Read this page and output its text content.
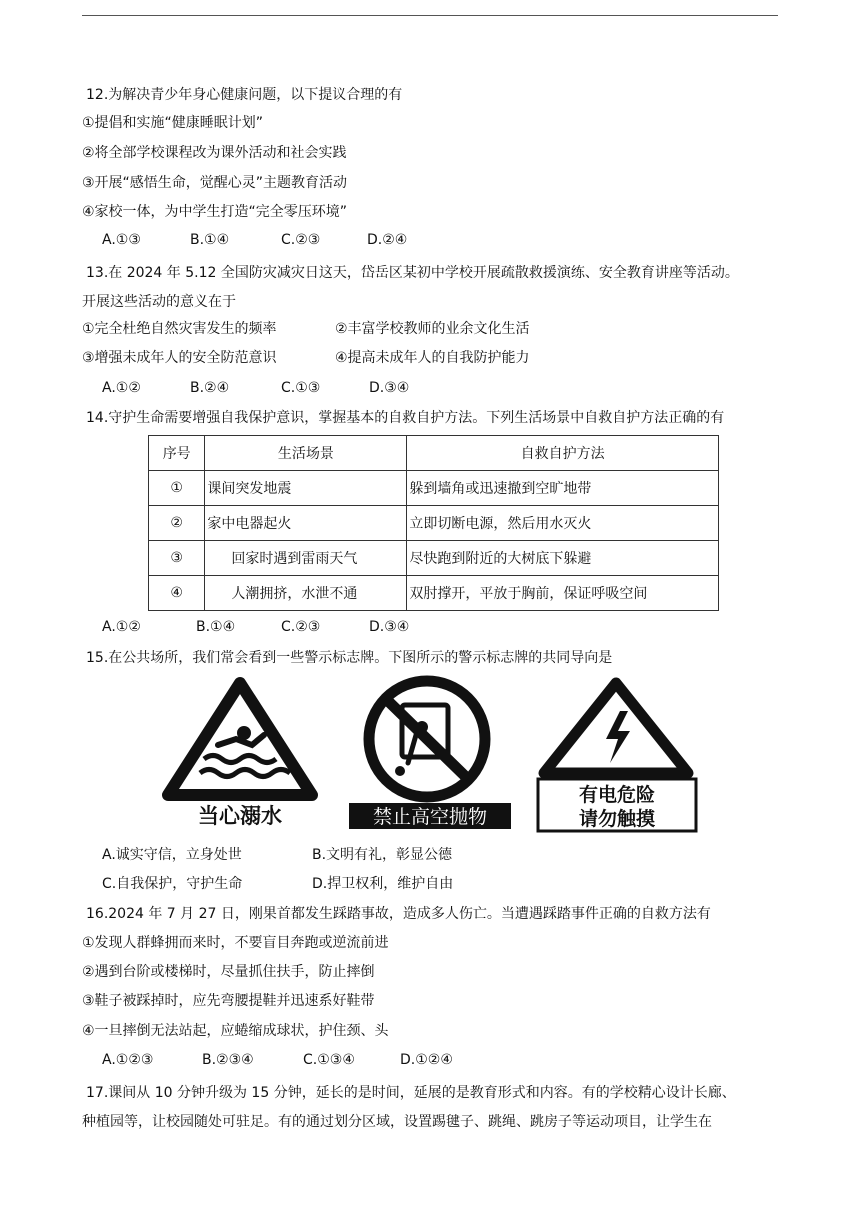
12.为解决青少年身心健康问题，以下提议合理的有
①提倡和实施“健康睡眠计划”
②将全部学校课程改为课外活动和社会实践
③开展“感悟生命，觉醒心灵”主题教育活动
④家校一体，为中学生打造“完全零压环境”
A.①③	B.①④	C.②③	D.②④
13.在 2024 年 5.12 全国防灾减灾日这天，岱岳区某初中学校开展疏散救援演练、安全教育讲座等活动。
开展这些活动的意义在于
①完全杜绝自然灾害发生的频率	②丰富学校教师的业余文化生活
③增强未成年人的安全防范意识	④提高未成年人的自我防护能力
A.①②	B.②④	C.①③	D.③④
14.守护生命需要增强自我保护意识，掌握基本的自救自护方法。下列生活场景中自救自护方法正确的有
序号	生活场景	自救自护方法
①	课间突发地震	躲到墙角或迅速撤到空旷地带
②	家中电器起火	立即切断电源，然后用水灭火
③	回家时遇到雷雨天气	尽快跑到附近的大树底下躲避
④	人潮拥挤，水泄不通	双肘撑开，平放于胸前，保证呼吸空间
A.①②	B.①④	C.②③	D.③④
15.在公共场所，我们常会看到一些警示标志牌。下图所示的警示标志牌的共同导向是
当心溺水	禁止高空抛物
有电危险
请勿触摸
A.诚实守信，立身处世	B.文明有礼，彰显公德
C.自我保护，守护生命	D.捍卫权利，维护自由
16.2024 年 7 月 27 日，刚果首都发生踩踏事故，造成多人伤亡。当遭遇踩踏事件正确的自救方法有
①发现人群蜂拥而来时，不要盲目奔跑或逆流前进
②遇到台阶或楼梯时，尽量抓住扶手，防止摔倒
③鞋子被踩掉时，应先弯腰提鞋并迅速系好鞋带
④一旦摔倒无法站起，应蜷缩成球状，护住颈、头
A.①②③	B.②③④	C.①③④	D.①②④
17.课间从 10 分钟升级为 15 分钟，延长的是时间，延展的是教育形式和内容。有的学校精心设计长廊、
种植园等，让校园随处可驻足。有的通过划分区域，设置踢毽子、跳绳、跳房子等运动项目，让学生在
